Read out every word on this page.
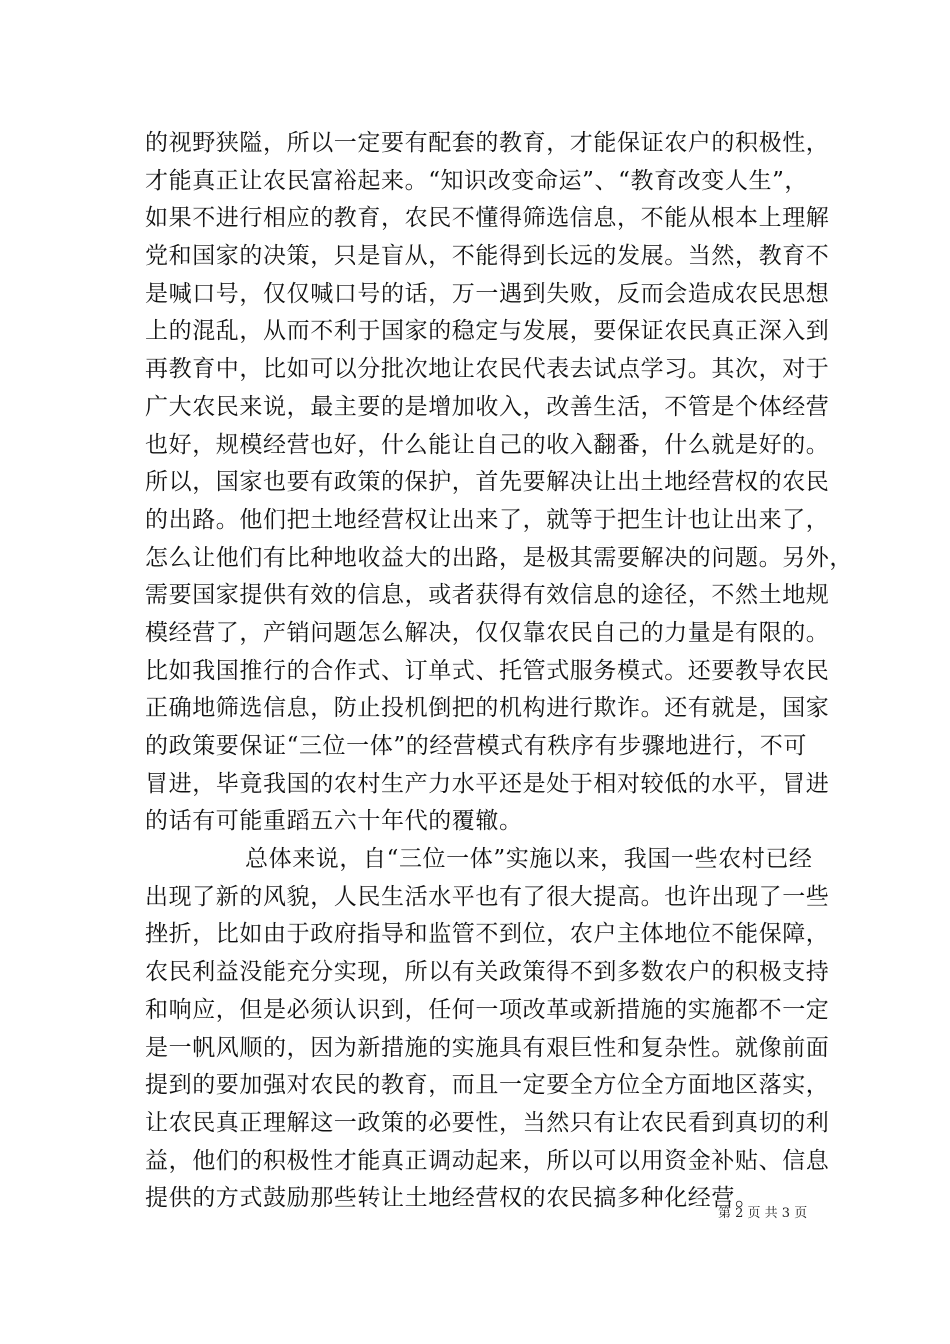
的视野狭隘，所以一定要有配套的教育，才能保证农户的积极性，
才能真正让农民富裕起来。“知识改变命运”、“教育改变人生”，
如果不进行相应的教育，农民不懂得筛选信息，不能从根本上理解
党和国家的决策，只是盲从，不能得到长远的发展。当然，教育不
是喊口号，仅仅喊口号的话，万一遇到失败，反而会造成农民思想
上的混乱，从而不利于国家的稳定与发展，要保证农民真正深入到
再教育中，比如可以分批次地让农民代表去试点学习。其次，对于
广大农民来说，最主要的是增加收入，改善生活，不管是个体经营
也好，规模经营也好，什么能让自己的收入翻番，什么就是好的。
所以，国家也要有政策的保护，首先要解决让出土地经营权的农民
的出路。他们把土地经营权让出来了，就等于把生计也让出来了，
怎么让他们有比种地收益大的出路，是极其需要解决的问题。另外，
需要国家提供有效的信息，或者获得有效信息的途径，不然土地规
模经营了，产销问题怎么解决，仅仅靠农民自己的力量是有限的。
比如我国推行的合作式、订单式、托管式服务模式。还要教导农民
正确地筛选信息，防止投机倒把的机构进行欺诈。还有就是，国家
的政策要保证“三位一体”的经营模式有秩序有步骤地进行，不可
冒进，毕竟我国的农村生产力水平还是处于相对较低的水平，冒进
的话有可能重蹈五六十年代的覆辙。
总体来说，自“三位一体”实施以来，我国一些农村已经
出现了新的风貌，人民生活水平也有了很大提高。也许出现了一些
挫折，比如由于政府指导和监管不到位，农户主体地位不能保障，
农民利益没能充分实现，所以有关政策得不到多数农户的积极支持
和响应，但是必须认识到，任何一项改革或新措施的实施都不一定
是一帆风顺的，因为新措施的实施具有艰巨性和复杂性。就像前面
提到的要加强对农民的教育，而且一定要全方位全方面地区落实，
让农民真正理解这一政策的必要性，当然只有让农民看到真切的利
益，他们的积极性才能真正调动起来，所以可以用资金补贴、信息
提供的方式鼓励那些转让土地经营权的农民搞多种化经营。
第 2 页 共 3 页
